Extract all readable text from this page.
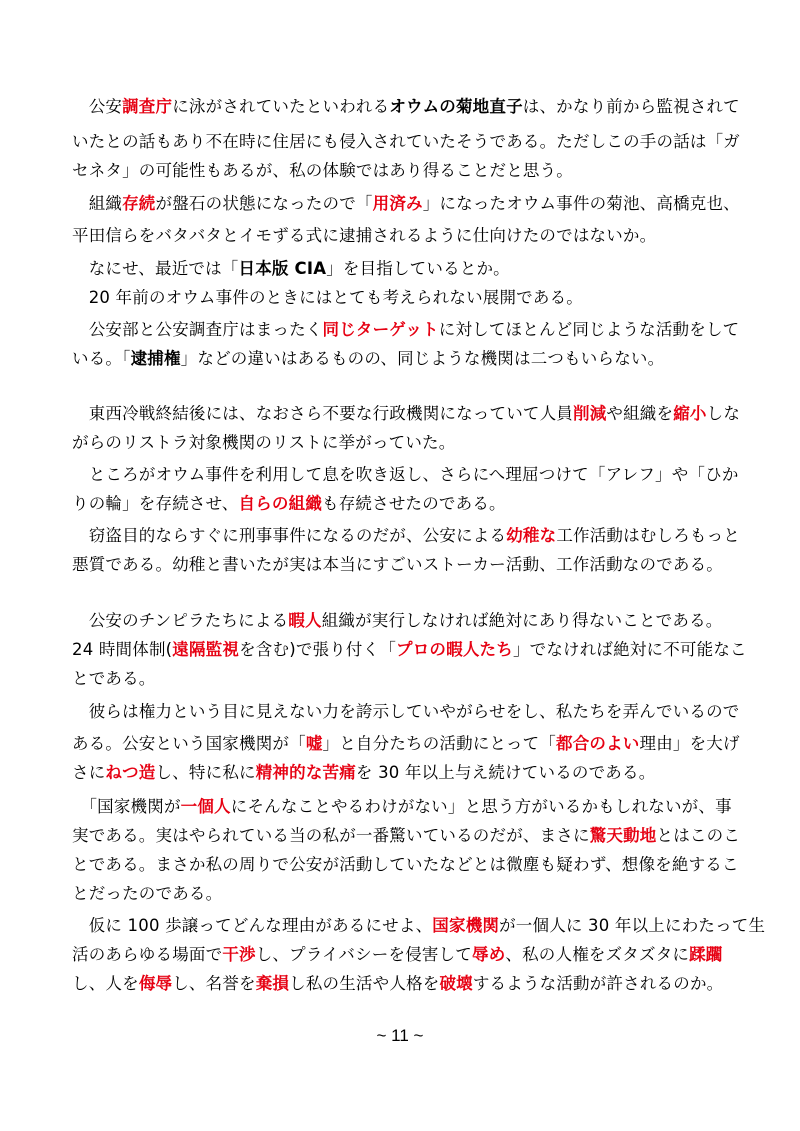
　公安調査庁に泳がされていたといわれるオウムの菊地直子は、かなり前から監視されて
いたとの話もあり不在時に住居にも侵入されていたそうである。ただしこの手の話は「ガ
セネタ」の可能性もあるが、私の体験ではあり得ることだと思う。
　組織存続が盤石の状態になったので「用済み」になったオウム事件の菊池、高橋克也、
平田信らをバタバタとイモずる式に逮捕されるように仕向けたのではないか。
　なにせ、最近では「日本版 CIA」を目指しているとか。
　20 年前のオウム事件のときにはとても考えられない展開である。
　公安部と公安調査庁はまったく同じターゲットに対してほとんど同じような活動をして
いる。「逮捕権」などの違いはあるものの、同じような機関は二つもいらない。
　東西冷戦終結後には、なおさら不要な行政機関になっていて人員削減や組織を縮小しな
がらのリストラ対象機関のリストに挙がっていた。
　ところがオウム事件を利用して息を吹き返し、さらにへ理屈つけて「アレフ」や「ひか
りの輪」を存続させ、自らの組織も存続させたのである。
　窃盗目的ならすぐに刑事事件になるのだが、公安による幼稚な工作活動はむしろもっと
悪質である。幼稚と書いたが実は本当にすごいストーカー活動、工作活動なのである。
　公安のチンピラたちによる暇人組織が実行しなければ絶対にあり得ないことである。
24 時間体制(遠隔監視を含む)で張り付く「プロの暇人たち」でなければ絶対に不可能なこ
とである。
　彼らは権力という目に見えない力を誇示していやがらせをし、私たちを弄んでいるので
ある。公安という国家機関が「嘘」と自分たちの活動にとって「都合のよい理由」を大げ
さにねつ造し、特に私に精神的な苦痛を 30 年以上与え続けているのである。
　「国家機関が一個人にそんなことやるわけがない」と思う方がいるかもしれないが、事
実である。実はやられている当の私が一番驚いているのだが、まさに驚天動地とはこのこ
とである。まさか私の周りで公安が活動していたなどとは微塵も疑わず、想像を絶するこ
とだったのである。
　仮に 100 歩譲ってどんな理由があるにせよ、国家機関が一個人に 30 年以上にわたって生
活のあらゆる場面で干渉し、プライバシーを侵害して辱め、私の人権をズタズタに蹂躙
し、人を侮辱し、名誉を棄損し私の生活や人格を破壊するような活動が許されるのか。
~ 11 ~
